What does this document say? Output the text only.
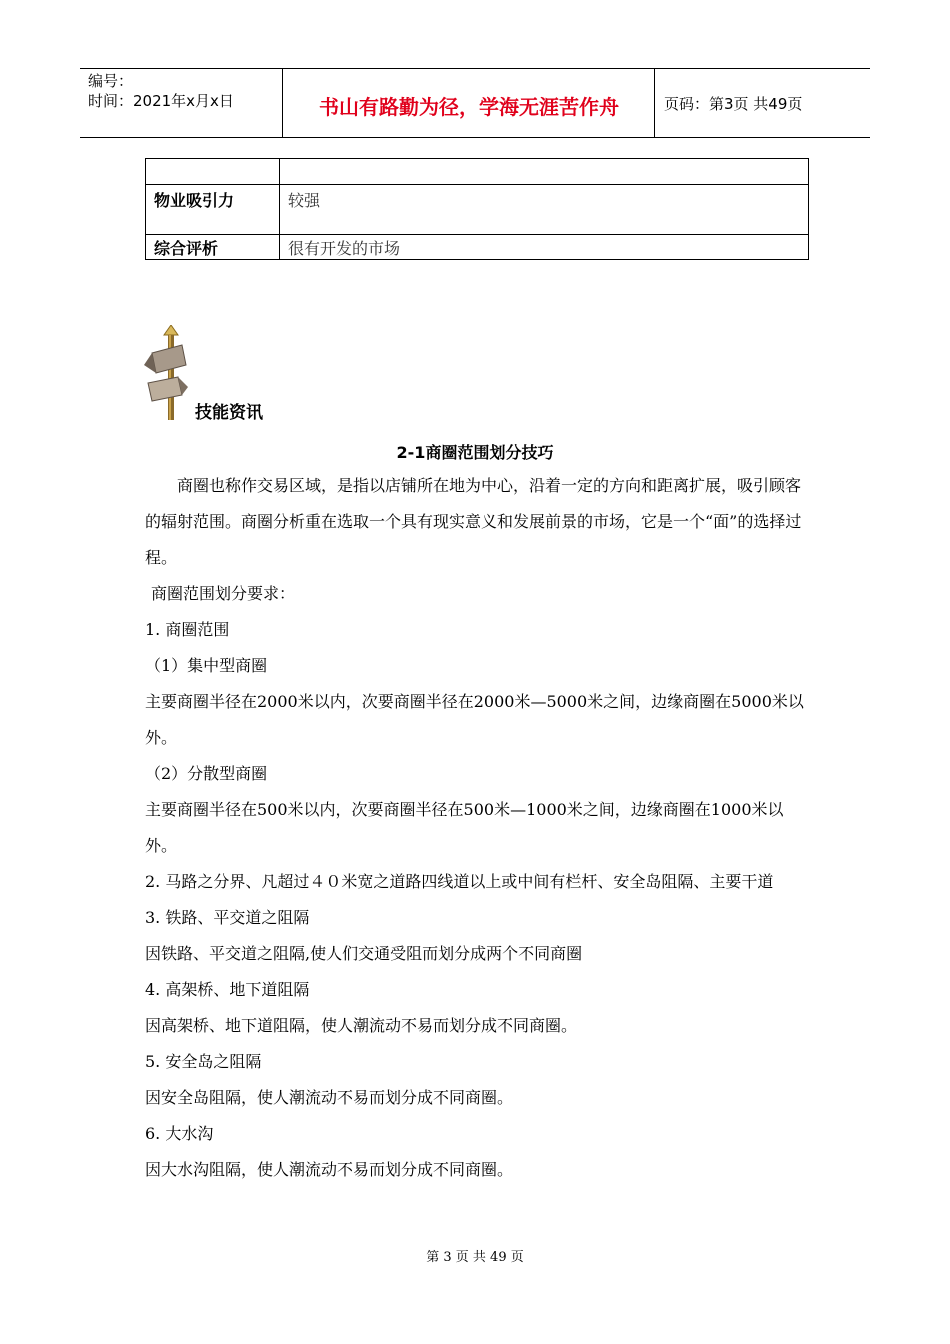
编号：
时间：2021年x月x日	书山有路勤为径，学海无涯苦作舟	页码：第3页 共49页

物业吸引力	较强
综合评析	很有开发的市场
技能资讯
2-1商圈范围划分技巧

商圈也称作交易区域，是指以店铺所在地为中心，沿着一定的方向和距离扩展，吸引顾客的辐射范围。商圈分析重在选取一个具有现实意义和发展前景的市场，它是一个“面”的选择过程。

商圈范围划分要求：

1. 商圈范围

（1）集中型商圈

主要商圈半径在2000米以内，次要商圈半径在2000米—5000米之间，边缘商圈在5000米以外。

（2）分散型商圈

主要商圈半径在500米以内，次要商圈半径在500米—1000米之间，边缘商圈在1000米以外。

2. 马路之分界、凡超过４０米宽之道路四线道以上或中间有栏杆、安全岛阻隔、主要干道

3. 铁路、平交道之阻隔

因铁路、平交道之阻隔,使人们交通受阻而划分成两个不同商圈

4. 高架桥、地下道阻隔

因高架桥、地下道阻隔，使人潮流动不易而划分成不同商圈。

5. 安全岛之阻隔

因安全岛阻隔，使人潮流动不易而划分成不同商圈。

6. 大水沟

因大水沟阻隔，使人潮流动不易而划分成不同商圈。

第 3 页 共 49 页
